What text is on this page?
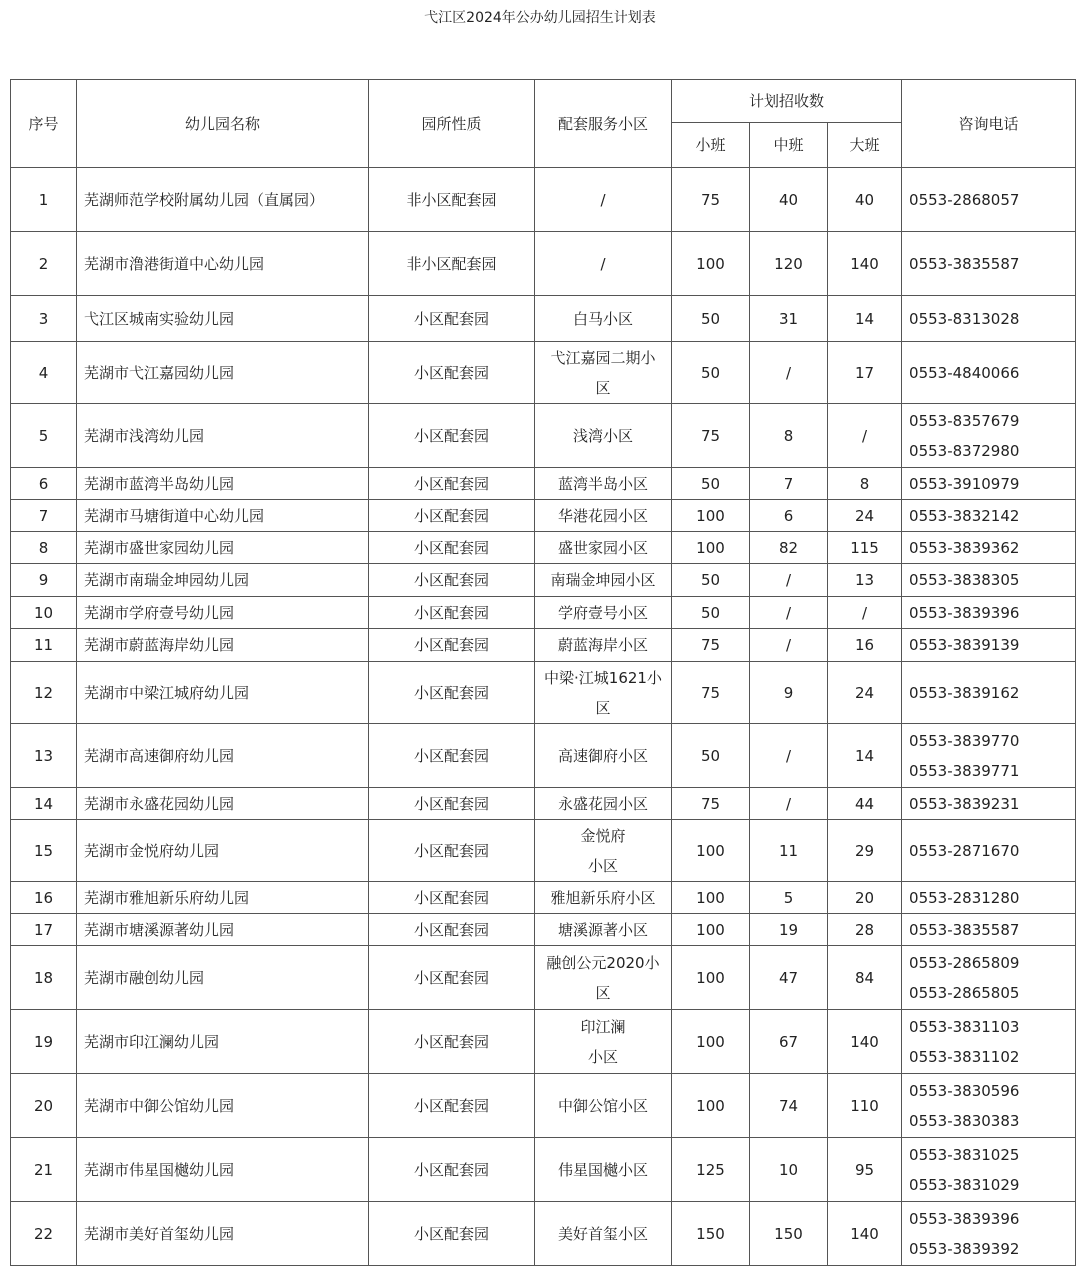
弋江区2024年公办幼儿园招生计划表
序号	幼儿园名称	园所性质	配套服务小区	计划招收数			咨询电话
				小班	中班	大班	
1	芜湖师范学校附属幼儿园（直属园）	非小区配套园	/	75	40	40	0553-2868057

2	芜湖市澛港街道中心幼儿园	非小区配套园	/	100	120	140	0553-3835587

3	弋江区城南实验幼儿园	小区配套园	白马小区	50	31	14	0553-8313028

4	芜湖市弋江嘉园幼儿园	小区配套园	弋江嘉园二期小
区	50	/	17	0553-4840066

5	芜湖市浅湾幼儿园	小区配套园	浅湾小区	75	8	/	0553-8357679
0553-8372980

6	芜湖市蓝湾半岛幼儿园	小区配套园	蓝湾半岛小区	50	7	8	0553-3910979

7	芜湖市马塘街道中心幼儿园	小区配套园	华港花园小区	100	6	24	0553-3832142

8	芜湖市盛世家园幼儿园	小区配套园	盛世家园小区	100	82	115	0553-3839362

9	芜湖市南瑞金坤园幼儿园	小区配套园	南瑞金坤园小区	50	/	13	0553-3838305

10	芜湖市学府壹号幼儿园	小区配套园	学府壹号小区	50	/	/	0553-3839396

11	芜湖市蔚蓝海岸幼儿园	小区配套园	蔚蓝海岸小区	75	/	16	0553-3839139

12	芜湖市中梁江城府幼儿园	小区配套园	中梁·江城1621小
区	75	9	24	0553-3839162

13	芜湖市高速御府幼儿园	小区配套园	高速御府小区	50	/	14	0553-3839770
0553-3839771

14	芜湖市永盛花园幼儿园	小区配套园	永盛花园小区	75	/	44	0553-3839231

15	芜湖市金悦府幼儿园	小区配套园	金悦府
小区	100	11	29	0553-2871670

16	芜湖市雅旭新乐府幼儿园	小区配套园	雅旭新乐府小区	100	5	20	0553-2831280

17	芜湖市塘溪源著幼儿园	小区配套园	塘溪源著小区	100	19	28	0553-3835587

18	芜湖市融创幼儿园	小区配套园	融创公元2020小
区	100	47	84	0553-2865809
0553-2865805

19	芜湖市印江澜幼儿园	小区配套园	印江澜
小区	100	67	140	0553-3831103
0553-3831102

20	芜湖市中御公馆幼儿园	小区配套园	中御公馆小区	100	74	110	0553-3830596
0553-3830383

21	芜湖市伟星国樾幼儿园	小区配套园	伟星国樾小区	125	10	95	0553-3831025
0553-3831029

22	芜湖市美好首玺幼儿园	小区配套园	美好首玺小区	150	150	140	0553-3839396
0553-3839392
